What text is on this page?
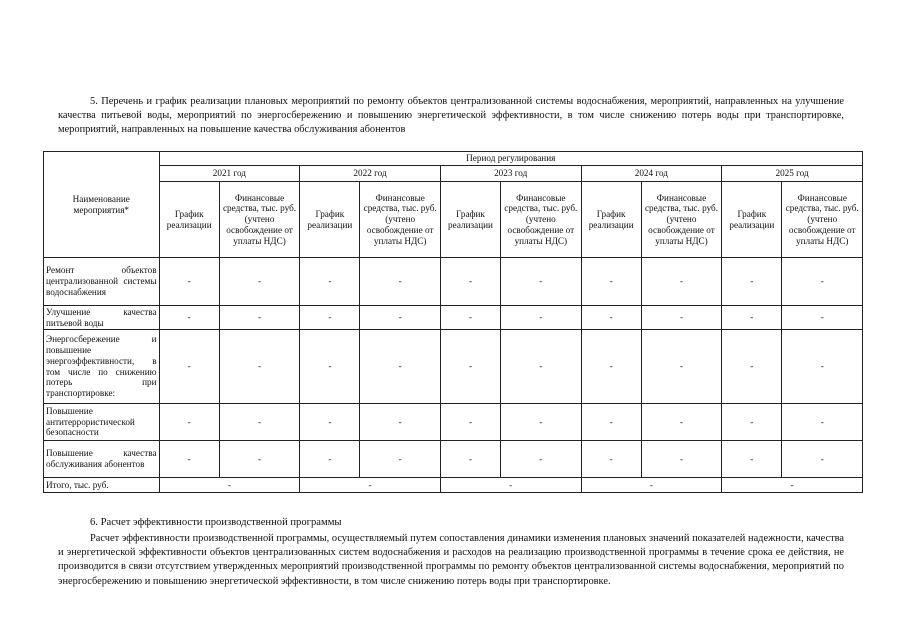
5. Перечень и график реализации плановых мероприятий по ремонту объектов централизованной системы водоснабжения, мероприятий, направленных на улучшение качества питьевой воды, мероприятий по энергосбережению и повышению энергетической эффективности, в том числе снижению потерь воды при транспортировке, мероприятий, направленных на повышение качества обслуживания абонентов
Наименование мероприятия*	Период регулирования									
	2021 год		2022 год		2023 год		2024 год		2025 год	
	График реализации	Финансовые средства, тыс. руб. (учтено освобождение от уплаты НДС)	График реализации	Финансовые средства, тыс. руб. (учтено освобождение от уплаты НДС)	График реализации	Финансовые средства, тыс. руб. (учтено освобождение от уплаты НДС)	График реализации	Финансовые средства, тыс. руб. (учтено освобождение от уплаты НДС)	График реализации	Финансовые средства, тыс. руб. (учтено освобождение от уплаты НДС)
Ремонт объектов централизованной системы водоснабжения	-	-	-	-	-	-	-	-	-	-
Улучшение качества питьевой воды	-	-	-	-	-	-	-	-	-	-
Энергосбережение и повышение энергоэффективности, в том числе по снижению потерь при транспортировке:	-	-	-	-	-	-	-	-	-	-
Повышение антитеррористической безопасности	-	-	-	-	-	-	-	-	-	-
Повышение качества обслуживания абонентов	-	-	-	-	-	-	-	-	-	-
Итого, тыс. руб.	-		-		-		-		-	
6. Расчет эффективности производственной программы
Расчет эффективности производственной программы, осуществляемый путем сопоставления динамики изменения плановых значений показателей надежности, качества и энергетической эффективности объектов централизованных систем водоснабжения и расходов на реализацию производственной программы в течение срока ее действия, не производится в связи отсутствием утвержденных мероприятий производственной программы по ремонту объектов централизованной системы водоснабжения, мероприятий по энергосбережению и повышению энергетической эффективности, в том числе снижению потерь воды при транспортировке.
